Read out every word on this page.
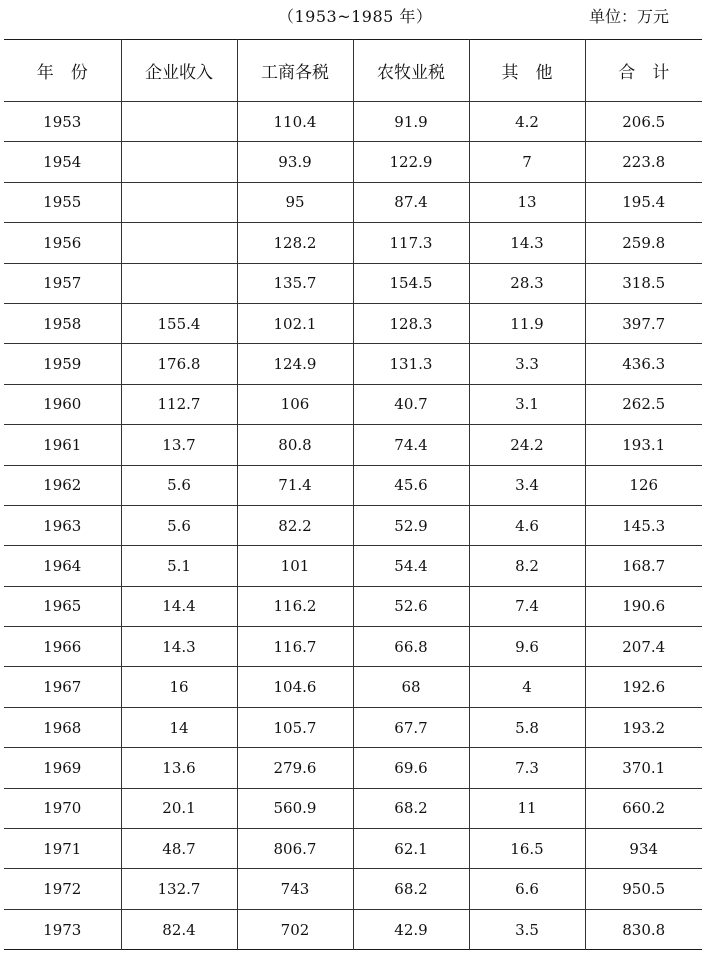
（1953~1985 年）	单位：万元
年　份	企业收入	工商各税	农牧业税	其　他	合　计
1953		110.4	91.9	4.2	206.5
1954		93.9	122.9	7	223.8
1955		95	87.4	13	195.4
1956		128.2	117.3	14.3	259.8
1957		135.7	154.5	28.3	318.5
1958	155.4	102.1	128.3	11.9	397.7
1959	176.8	124.9	131.3	3.3	436.3
1960	112.7	106	40.7	3.1	262.5
1961	13.7	80.8	74.4	24.2	193.1
1962	5.6	71.4	45.6	3.4	126
1963	5.6	82.2	52.9	4.6	145.3
1964	5.1	101	54.4	8.2	168.7
1965	14.4	116.2	52.6	7.4	190.6
1966	14.3	116.7	66.8	9.6	207.4
1967	16	104.6	68	4	192.6
1968	14	105.7	67.7	5.8	193.2
1969	13.6	279.6	69.6	7.3	370.1
1970	20.1	560.9	68.2	11	660.2
1971	48.7	806.7	62.1	16.5	934
1972	132.7	743	68.2	6.6	950.5
1973	82.4	702	42.9	3.5	830.8
